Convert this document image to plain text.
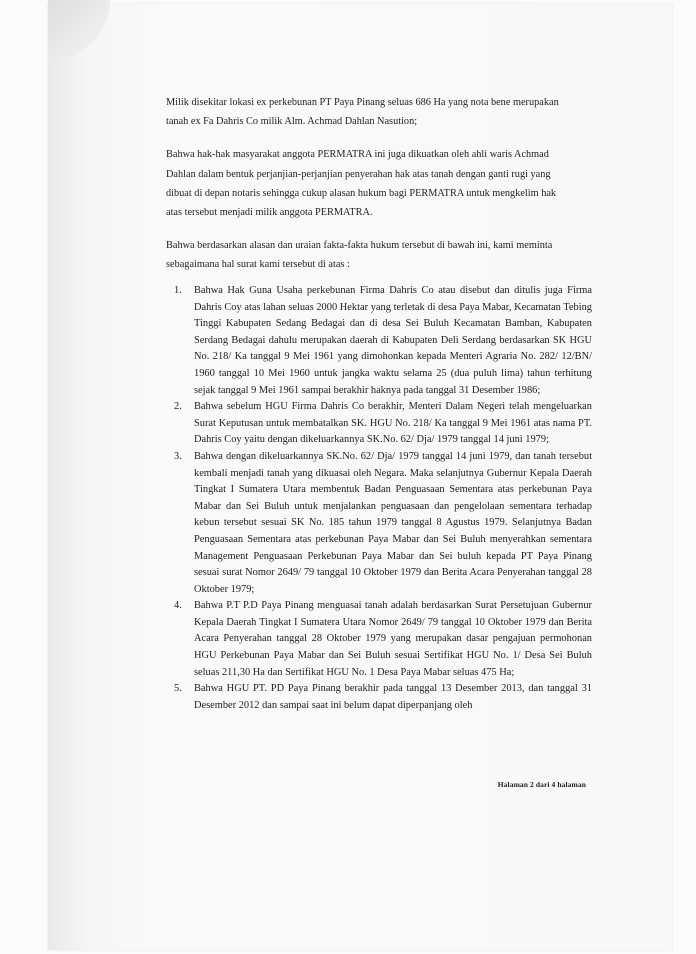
Milik disekitar lokasi ex perkebunan PT Paya Pinang seluas 686 Ha yang nota bene merupakan
tanah ex Fa Dahris Co milik Alm. Achmad Dahlan Nasution;
Bahwa hak-hak masyarakat anggota PERMATRA ini juga dikuatkan oleh ahli waris Achmad
Dahlan dalam bentuk perjanjian-perjanjian penyerahan hak atas tanah dengan ganti rugi yang
dibuat di depan notaris sehingga cukup alasan hukum bagi PERMATRA untuk mengkelim hak
atas tersebut menjadi milik anggota PERMATRA.
Bahwa berdasarkan alasan dan uraian fakta-fakta hukum tersebut di bawah ini, kami meminta
sebagaimana hal surat kami tersebut di atas :
1. Bahwa Hak Guna Usaha perkebunan Firma Dahris Co atau disebut dan ditulis juga Firma Dahris Coy atas lahan seluas 2000 Hektar yang terletak di desa Paya Mabar, Kecamatan Tebing Tinggi Kabupaten Sedang Bedagai dan di desa Sei Buluh Kecamatan Bamban, Kabupaten Serdang Bedagai dahulu merupakan daerah di Kabupaten Deli Serdang berdasarkan SK HGU No. 218/ Ka tanggal 9 Mei 1961 yang dimohonkan kepada Menteri Agraria No. 282/ 12/BN/ 1960 tanggal 10 Mei 1960 untuk jangka waktu selama 25 (dua puluh lima) tahun terhitung sejak tanggal 9 Mei 1961 sampai berakhir haknya pada tanggal 31 Desember 1986;
2. Bahwa sebelum HGU Firma Dahris Co berakhir, Menteri Dalam Negeri telah mengeluarkan Surat Keputusan untuk membatalkan SK. HGU No. 218/ Ka tanggal 9 Mei 1961 atas nama PT. Dahris Coy yaitu dengan dikeluarkannya SK.No. 62/ Dja/ 1979 tanggal 14 juni 1979;
3. Bahwa dengan dikeluarkannya SK.No. 62/ Dja/ 1979 tanggal 14 juni 1979, dan tanah tersebut kembali menjadi tanah yang dikuasai oleh Negara. Maka selanjutnya Gubernur Kepala Daerah Tingkat I Sumatera Utara membentuk Badan Penguasaan Sementara atas perkebunan Paya Mabar dan Sei Buluh untuk menjalankan penguasaan dan pengelolaan sementara terhadap kebun tersebut sesuai SK No. 185 tahun 1979 tanggal 8 Agustus 1979. Selanjutnya Badan Penguasaan Sementara atas perkebunan Paya Mabar dan Sei Buluh menyerahkan sementara Management Penguasaan Perkebunan Paya Mabar dan Sei buluh kepada PT Paya Pinang sesuai surat Nomor 2649/ 79 tanggal 10 Oktober 1979 dan Berita Acara Penyerahan tanggal 28 Oktober 1979;
4. Bahwa P.T P.D Paya Pinang menguasai tanah adalah berdasarkan Surat Persetujuan Gubernur Kepala Daerah Tingkat I Sumatera Utara Nomor 2649/ 79 tanggal 10 Oktober 1979 dan Berita Acara Penyerahan tanggal 28 Oktober 1979 yang merupakan dasar pengajuan permohonan HGU Perkebunan Paya Mabar dan Sei Buluh sesuai Sertifikat HGU No. 1/ Desa Sei Buluh seluas 211,30 Ha dan Sertifikat HGU No. 1 Desa Paya Mabar seluas 475 Ha;
5. Bahwa HGU PT. PD Paya Pinang berakhir pada tanggal 13 Desember 2013, dan tanggal 31 Desember 2012 dan sampai saat ini belum dapat diperpanjang oleh
Halaman 2 dari 4 halaman
